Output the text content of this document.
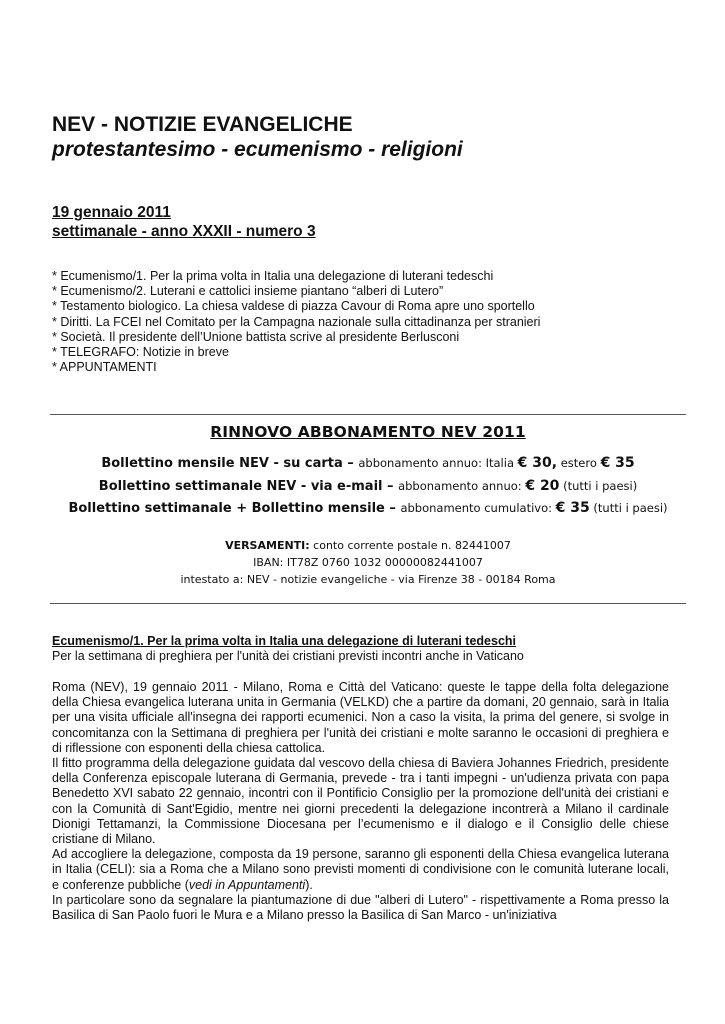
NEV - NOTIZIE EVANGELICHE
protestantesimo - ecumenismo - religioni
19 gennaio 2011
settimanale - anno XXXII - numero 3
* Ecumenismo/1. Per la prima volta in Italia una delegazione di luterani tedeschi
* Ecumenismo/2. Luterani e cattolici insieme piantano “alberi di Lutero”
* Testamento biologico. La chiesa valdese di piazza Cavour di Roma apre uno sportello
* Diritti. La FCEI nel Comitato per la Campagna nazionale sulla cittadinanza per stranieri
* Società. Il presidente dell’Unione battista scrive al presidente Berlusconi
* TELEGRAFO: Notizie in breve
* APPUNTAMENTI
RINNOVO ABBONAMENTO NEV 2011
Bollettino mensile NEV - su carta – abbonamento annuo: Italia € 30, estero € 35
Bollettino settimanale NEV - via e-mail – abbonamento annuo: € 20 (tutti i paesi)
Bollettino settimanale + Bollettino mensile – abbonamento cumulativo: € 35 (tutti i paesi)
VERSAMENTI: conto corrente postale n. 82441007
IBAN: IT78Z 0760 1032 00000082441007
intestato a: NEV - notizie evangeliche - via Firenze 38 - 00184 Roma
Ecumenismo/1. Per la prima volta in Italia una delegazione di luterani tedeschi
Per la settimana di preghiera per l'unità dei cristiani previsti incontri anche in Vaticano

Roma (NEV), 19 gennaio 2011 - Milano, Roma e Città del Vaticano: queste le tappe della folta delegazione della Chiesa evangelica luterana unita in Germania (VELKD) che a partire da domani, 20 gennaio, sarà in Italia per una visita ufficiale all'insegna dei rapporti ecumenici. Non a caso la visita, la prima del genere, si svolge in concomitanza con la Settimana di preghiera per l'unità dei cristiani e molte saranno le occasioni di preghiera e di riflessione con esponenti della chiesa cattolica.

Il fitto programma della delegazione guidata dal vescovo della chiesa di Baviera Johannes Friedrich, presidente della Conferenza episcopale luterana di Germania, prevede - tra i tanti impegni - un'udienza privata con papa Benedetto XVI sabato 22 gennaio, incontri con il Pontificio Consiglio per la promozione dell'unità dei cristiani e con la Comunità di Sant'Egidio, mentre nei giorni precedenti la delegazione incontrerà a Milano il cardinale Dionigi Tettamanzi, la Commissione Diocesana per l’ecumenismo e il dialogo e il Consiglio delle chiese cristiane di Milano.

Ad accogliere la delegazione, composta da 19 persone, saranno gli esponenti della Chiesa evangelica luterana in Italia (CELI): sia a Roma che a Milano sono previsti momenti di condivisione con le comunità luterane locali, e conferenze pubbliche (vedi in Appuntamenti).

In particolare sono da segnalare la piantumazione di due "alberi di Lutero" - rispettivamente a Roma presso la Basilica di San Paolo fuori le Mura e a Milano presso la Basilica di San Marco - un'iniziativa
